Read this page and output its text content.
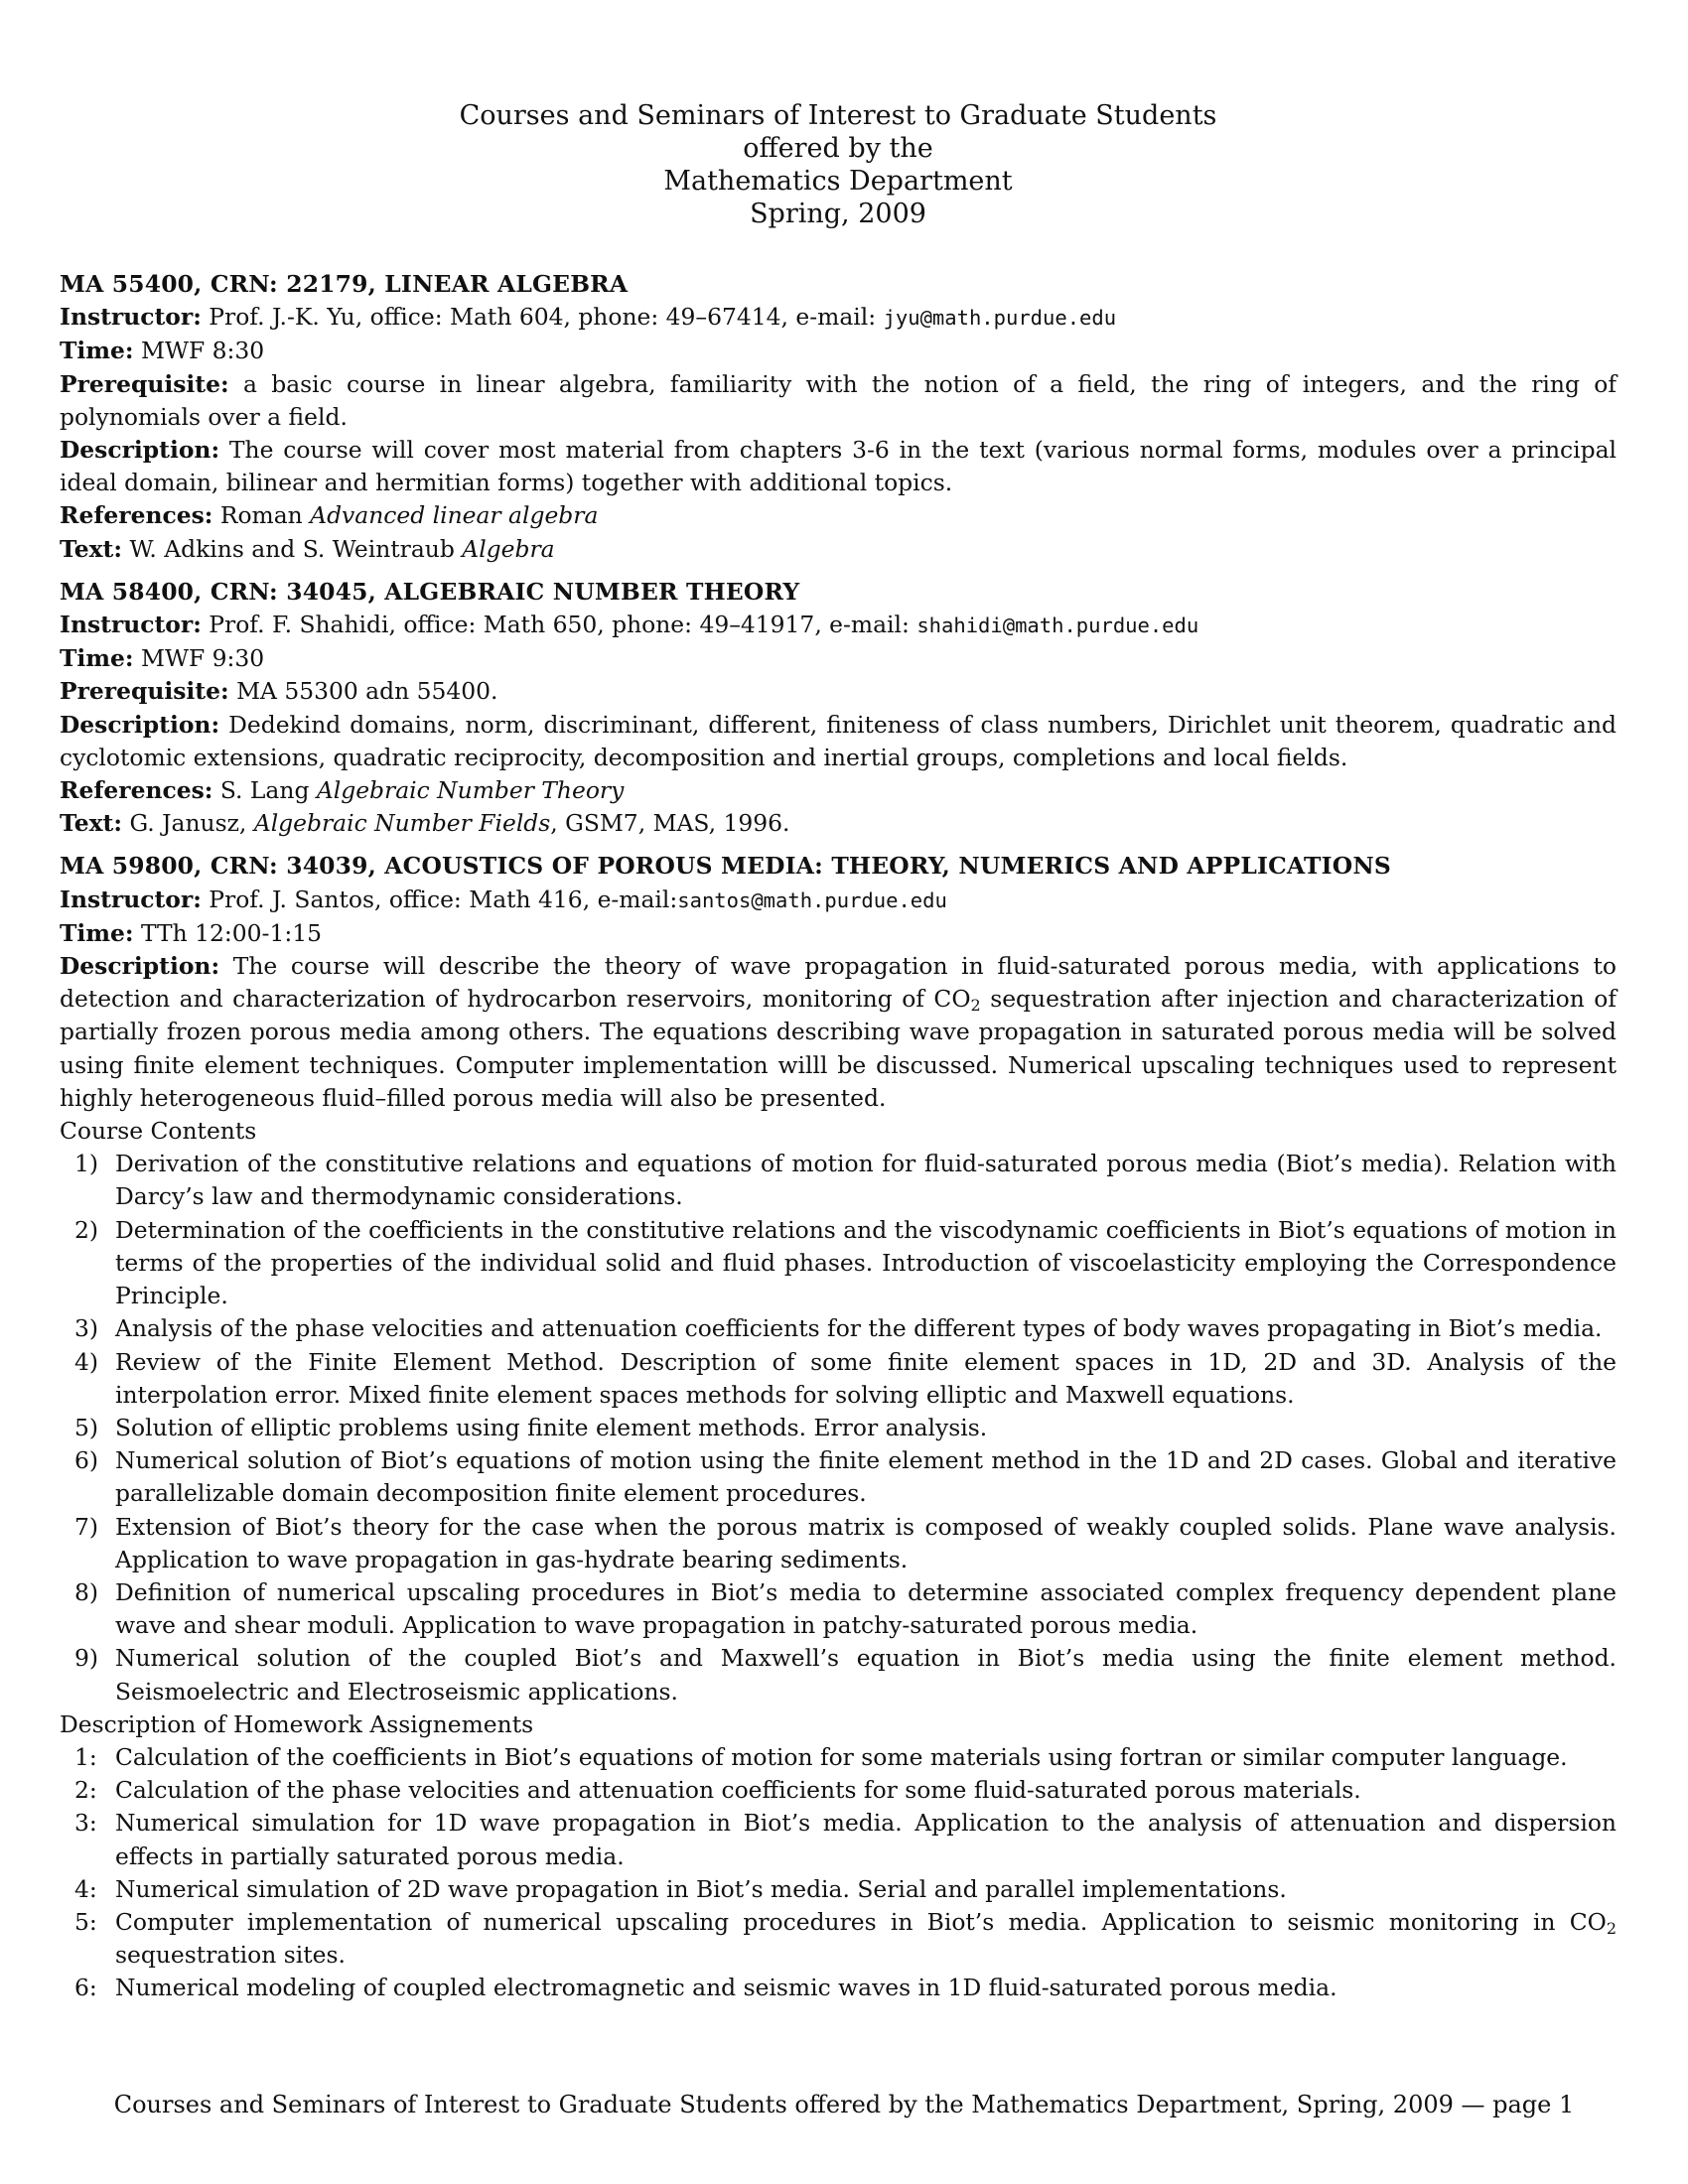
Courses and Seminars of Interest to Graduate Students
offered by the
Mathematics Department
Spring, 2009

MA 55400, CRN: 22179, LINEAR ALGEBRA

Instructor: Prof. J.-K. Yu, office: Math 604, phone: 49–67414, e-mail: jyu@math.purdue.edu

Time: MWF 8:30

Prerequisite: a basic course in linear algebra, familiarity with the notion of a field, the ring of integers, and the ring of polynomials over a field.

Description: The course will cover most material from chapters 3-6 in the text (various normal forms, modules over a principal ideal domain, bilinear and hermitian forms) together with additional topics.

References: Roman Advanced linear algebra

Text: W. Adkins and S. Weintraub Algebra

MA 58400, CRN: 34045, ALGEBRAIC NUMBER THEORY

Instructor: Prof. F. Shahidi, office: Math 650, phone: 49–41917, e-mail: shahidi@math.purdue.edu

Time: MWF 9:30

Prerequisite: MA 55300 adn 55400.

Description: Dedekind domains, norm, discriminant, different, finiteness of class numbers, Dirichlet unit theorem, quadratic and cyclotomic extensions, quadratic reciprocity, decomposition and inertial groups, completions and local fields.

References: S. Lang Algebraic Number Theory

Text: G. Janusz, Algebraic Number Fields, GSM7, MAS, 1996.

MA 59800, CRN: 34039, ACOUSTICS OF POROUS MEDIA: THEORY, NUMERICS AND APPLICATIONS

Instructor: Prof. J. Santos, office: Math 416, e-mail:santos@math.purdue.edu

Time: TTh 12:00-1:15

Description: The course will describe the theory of wave propagation in fluid-saturated porous media, with applications to detection and characterization of hydrocarbon reservoirs, monitoring of $CO_2$ sequestration after injection and characterization of partially frozen porous media among others. The equations describing wave propagation in saturated porous media will be solved using finite element techniques. Computer implementation willl be discussed. Numerical upscaling techniques used to represent highly heterogeneous fluid–filled porous media will also be presented.

Course Contents

1) Derivation of the constitutive relations and equations of motion for fluid-saturated porous media (Biot’s media). Relation with Darcy’s law and thermodynamic considerations.
2) Determination of the coefficients in the constitutive relations and the viscodynamic coefficients in Biot’s equations of motion in terms of the properties of the individual solid and fluid phases. Introduction of viscoelasticity employing the Correspondence Principle.
3) Analysis of the phase velocities and attenuation coefficients for the different types of body waves propagating in Biot’s media.
4) Review of the Finite Element Method. Description of some finite element spaces in 1D, 2D and 3D. Analysis of the interpolation error. Mixed finite element spaces methods for solving elliptic and Maxwell equations.
5) Solution of elliptic problems using finite element methods. Error analysis.
6) Numerical solution of Biot’s equations of motion using the finite element method in the 1D and 2D cases. Global and iterative parallelizable domain decomposition finite element procedures.
7) Extension of Biot’s theory for the case when the porous matrix is composed of weakly coupled solids. Plane wave analysis. Application to wave propagation in gas-hydrate bearing sediments.
8) Definition of numerical upscaling procedures in Biot’s media to determine associated complex frequency dependent plane wave and shear moduli. Application to wave propagation in patchy-saturated porous media.
9) Numerical solution of the coupled Biot’s and Maxwell’s equation in Biot’s media using the finite element method. Seismoelectric and Electroseismic applications.

Description of Homework Assignements

1: Calculation of the coefficients in Biot’s equations of motion for some materials using fortran or similar computer language.
2: Calculation of the phase velocities and attenuation coefficients for some fluid-saturated porous materials.
3: Numerical simulation for 1D wave propagation in Biot’s media. Application to the analysis of attenuation and dispersion effects in partially saturated porous media.
4: Numerical simulation of 2D wave propagation in Biot’s media. Serial and parallel implementations.
5: Computer implementation of numerical upscaling procedures in Biot’s media. Application to seismic monitoring in $CO_2$ sequestration sites.
6: Numerical modeling of coupled electromagnetic and seismic waves in 1D fluid-saturated porous media.
Courses and Seminars of Interest to Graduate Students offered by the Mathematics Department, Spring, 2009 — page 1
